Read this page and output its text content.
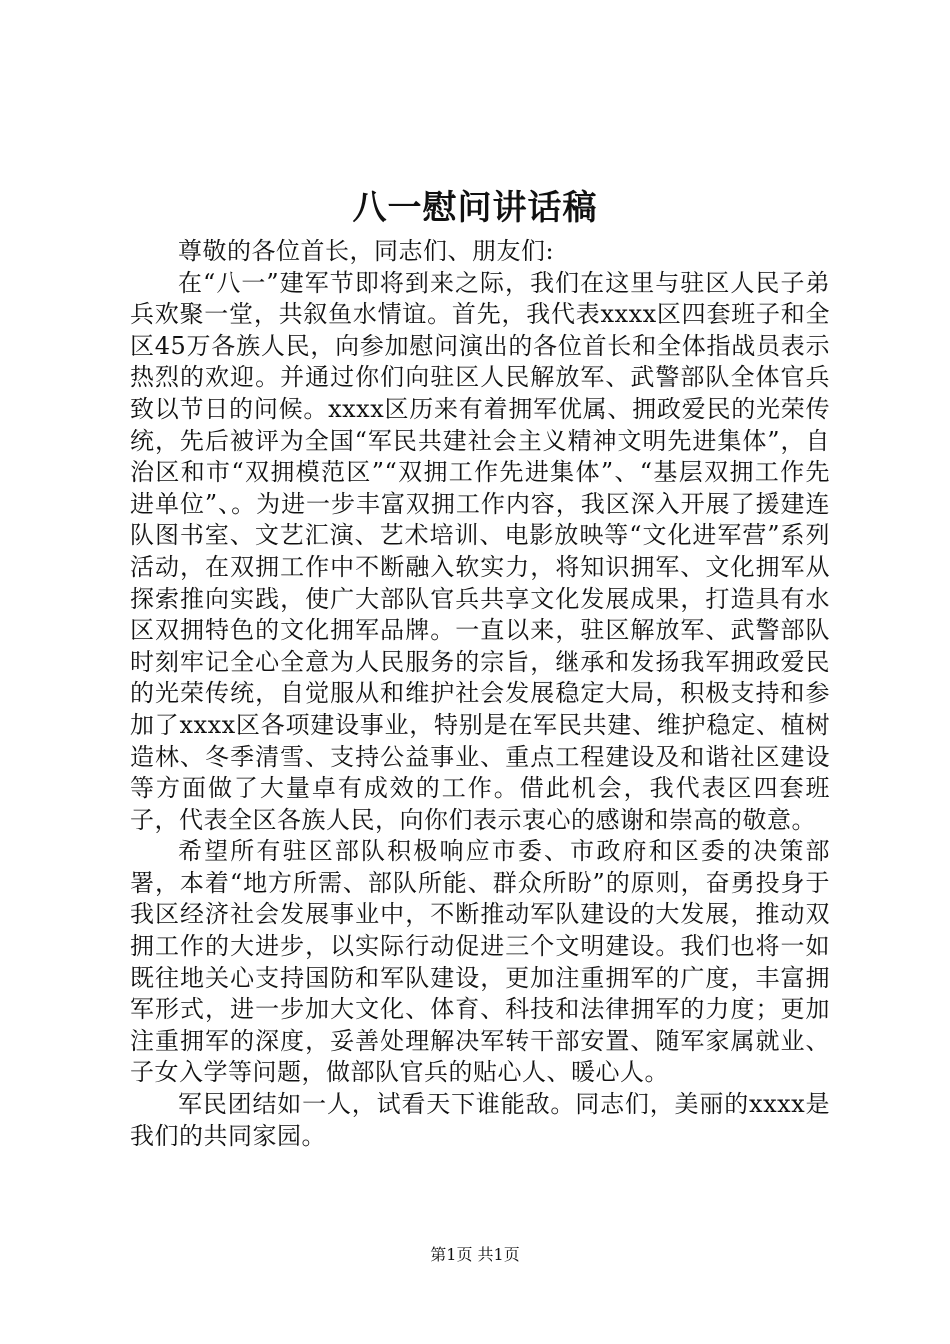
八一慰问讲话稿

尊敬的各位首长，同志们、朋友们:

在“八一”建军节即将到来之际，我们在这里与驻区人民子弟兵欢聚一堂，共叙鱼水情谊。首先，我代表xxxx区四套班子和全区45万各族人民，向参加慰问演出的各位首长和全体指战员表示热烈的欢迎。并通过你们向驻区人民解放军、武警部队全体官兵致以节日的问候。xxxx区历来有着拥军优属、拥政爱民的光荣传统，先后被评为全国“军民共建社会主义精神文明先进集体”，自治区和市“双拥模范区”“双拥工作先进集体”、“基层双拥工作先进单位”、。为进一步丰富双拥工作内容，我区深入开展了援建连队图书室、文艺汇演、艺术培训、电影放映等“文化进军营”系列活动，在双拥工作中不断融入软实力，将知识拥军、文化拥军从探索推向实践，使广大部队官兵共享文化发展成果，打造具有水区双拥特色的文化拥军品牌。一直以来，驻区解放军、武警部队时刻牢记全心全意为人民服务的宗旨，继承和发扬我军拥政爱民的光荣传统，自觉服从和维护社会发展稳定大局，积极支持和参加了xxxx区各项建设事业，特别是在军民共建、维护稳定、植树造林、冬季清雪、支持公益事业、重点工程建设及和谐社区建设等方面做了大量卓有成效的工作。借此机会，我代表区四套班子，代表全区各族人民，向你们表示衷心的感谢和崇高的敬意。

希望所有驻区部队积极响应市委、市政府和区委的决策部署，本着“地方所需、部队所能、群众所盼”的原则，奋勇投身于我区经济社会发展事业中，不断推动军队建设的大发展，推动双拥工作的大进步，以实际行动促进三个文明建设。我们也将一如既往地关心支持国防和军队建设，更加注重拥军的广度，丰富拥军形式，进一步加大文化、体育、科技和法律拥军的力度；更加注重拥军的深度，妥善处理解决军转干部安置、随军家属就业、子女入学等问题，做部队官兵的贴心人、暖心人。

军民团结如一人，试看天下谁能敌。同志们，美丽的xxxx是我们的共同家园。

第1页 共1页
